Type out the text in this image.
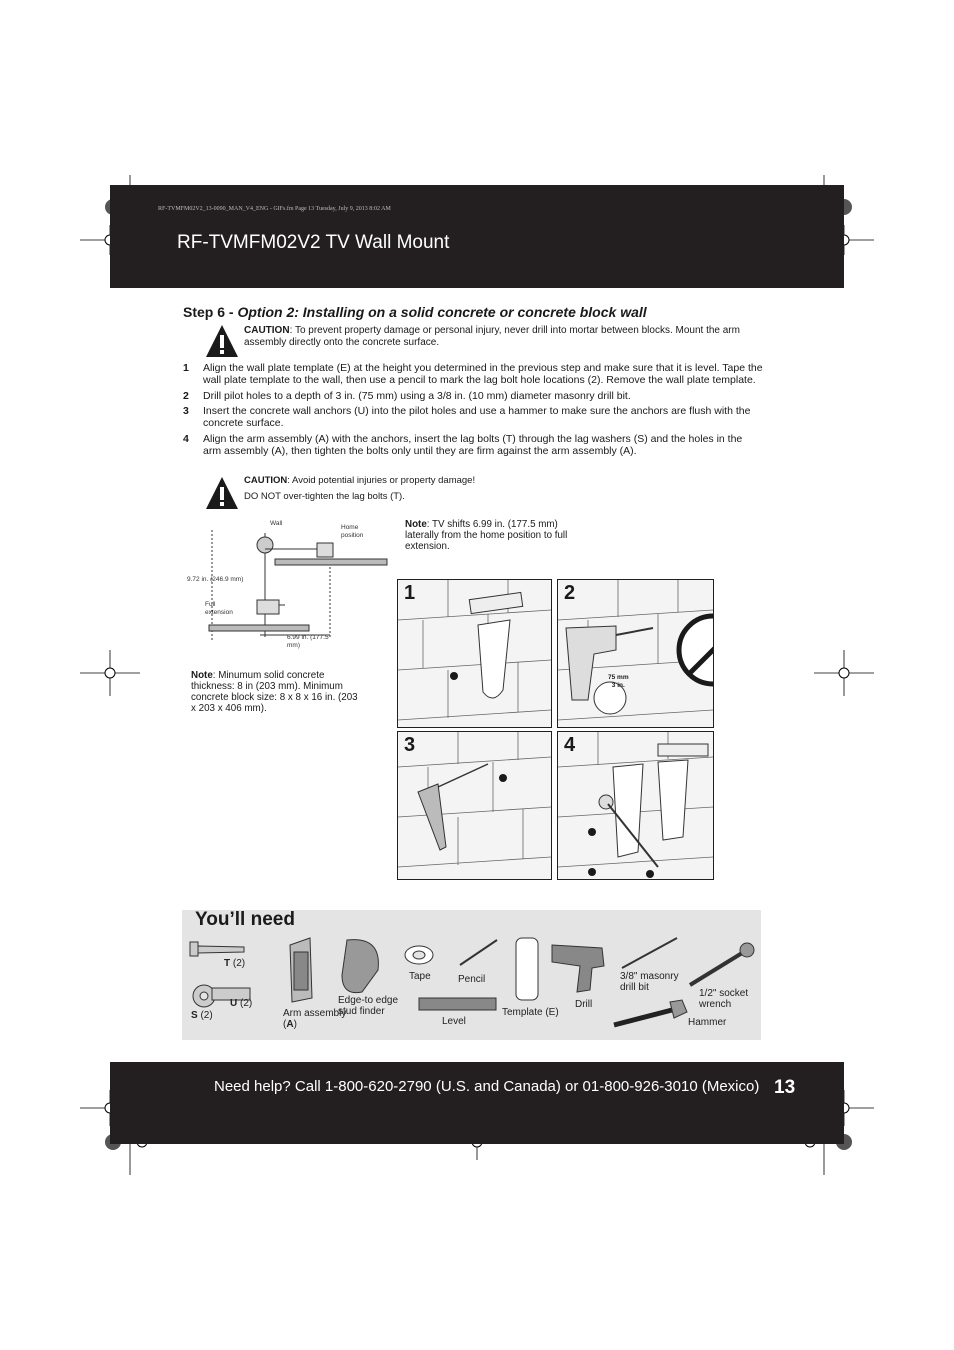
RF-TVMFM02V2_13-0090_MAN_V4_ENG - GIFs.fm Page 13 Tuesday, July 9, 2013 8:02 AM
RF-TVMFM02V2 TV Wall Mount
Step 6 - Option 2: Installing on a solid concrete or concrete block wall
CAUTION: To prevent property damage or personal injury, never drill into mortar between blocks. Mount the arm assembly directly onto the concrete surface.
1	Align the wall plate template (E) at the height you determined in the previous step and make sure that it is level. Tape the wall plate template to the wall, then use a pencil to mark the lag bolt hole locations (2). Remove the wall plate template.
2	Drill pilot holes to a depth of 3 in. (75 mm) using a 3/8 in. (10 mm) diameter masonry drill bit.
3	Insert the concrete wall anchors (U) into the pilot holes and use a hammer to make sure the anchors are flush with the concrete surface.
4	Align the arm assembly (A) with the anchors, insert the lag bolts (T) through the lag washers (S) and the holes in the arm assembly (A), then tighten the bolts only until they are firm against the arm assembly (A).
CAUTION: Avoid potential injuries or property damage!
DO NOT over-tighten the lag bolts (T).
Wall
Home position
9.72 in. (246.9 mm)
Full extension
6.99 in. (177.5 mm)
Note: TV shifts 6.99 in. (177.5 mm) laterally from the home position to full extension.
Note: Minumum solid concrete thickness: 8 in (203 mm). Minimum concrete block size: 8 x 8 x 16 in. (203 x 203 x 406 mm).
1	2
75 mm
3 in.
3	4
You’ll need
T (2)
U (2)
S (2)	Arm assembly (A)
Edge-to edge stud finder
Tape	Pencil
Level
Template (E)
Drill
3/8" masonry drill bit
1/2" socket wrench
Hammer
Need help? Call 1-800-620-2790 (U.S. and Canada) or 01-800-926-3010 (Mexico) 13
